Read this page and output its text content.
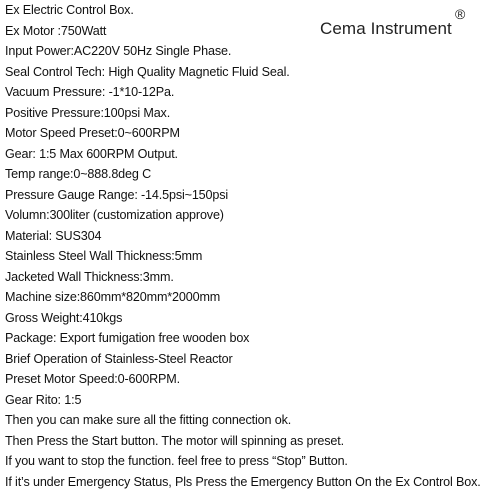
Cema Instrument
®
Ex Electric Control Box.
Ex Motor :750Watt
Input Power:AC220V 50Hz Single Phase.
Seal Control Tech: High Quality Magnetic Fluid Seal.
Vacuum Pressure: -1*10-12Pa.
Positive Pressure:100psi Max.
Motor Speed Preset:0~600RPM
Gear: 1:5 Max 600RPM Output.
Temp range:0~888.8deg C
Pressure Gauge Range: -14.5psi~150psi
Volumn:300liter (customization approve)
Material: SUS304
Stainless Steel Wall Thickness:5mm
Jacketed Wall Thickness:3mm.
Machine size:860mm*820mm*2000mm
Gross Weight:410kgs
Package: Export fumigation free wooden box
Brief Operation of Stainless-Steel Reactor
Preset Motor Speed:0-600RPM.
Gear Rito: 1:5
Then you can make sure all the fitting connection ok.
Then Press the Start button. The motor will spinning as preset.
If you want to stop the function. feel free to press “Stop” Button.
If it’s under Emergency Status, Pls Press the Emergency Button On the Ex Control Box.
